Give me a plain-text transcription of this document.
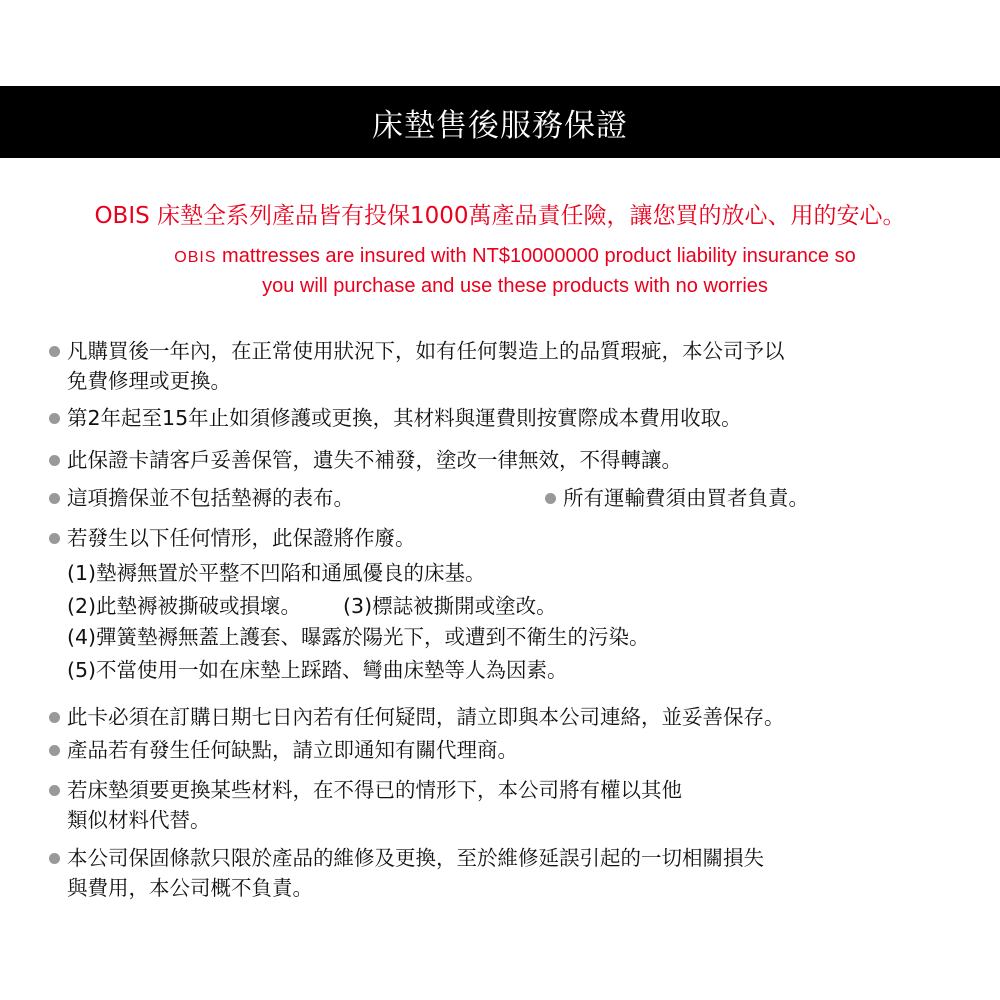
床墊售後服務保證
OBIS 床墊全系列產品皆有投保1000萬產品責任險，讓您買的放心、用的安心。
OBIS mattresses are insured with NT$10000000 product liability insurance so
you will purchase and use these products with no worries
凡購買後一年內，在正常使用狀況下，如有任何製造上的品質瑕疵，本公司予以
免費修理或更換。
第2年起至15年止如須修護或更換，其材料與運費則按實際成本費用收取。
此保證卡請客戶妥善保管，遺失不補發，塗改一律無效，不得轉讓。
這項擔保並不包括墊褥的表布。	所有運輸費須由買者負責。
若發生以下任何情形，此保證將作廢。
(1)墊褥無置於平整不凹陷和通風優良的床基。
(2)此墊褥被撕破或損壞。 (3)標誌被撕開或塗改。
(4)彈簧墊褥無蓋上護套、曝露於陽光下，或遭到不衛生的污染。
(5)不當使用一如在床墊上踩踏、彎曲床墊等人為因素。
此卡必須在訂購日期七日內若有任何疑問，請立即與本公司連絡，並妥善保存。
產品若有發生任何缺點，請立即通知有關代理商。
若床墊須要更換某些材料，在不得已的情形下，本公司將有權以其他
類似材料代替。
本公司保固條款只限於產品的維修及更換，至於維修延誤引起的一切相關損失
與費用，本公司概不負責。
